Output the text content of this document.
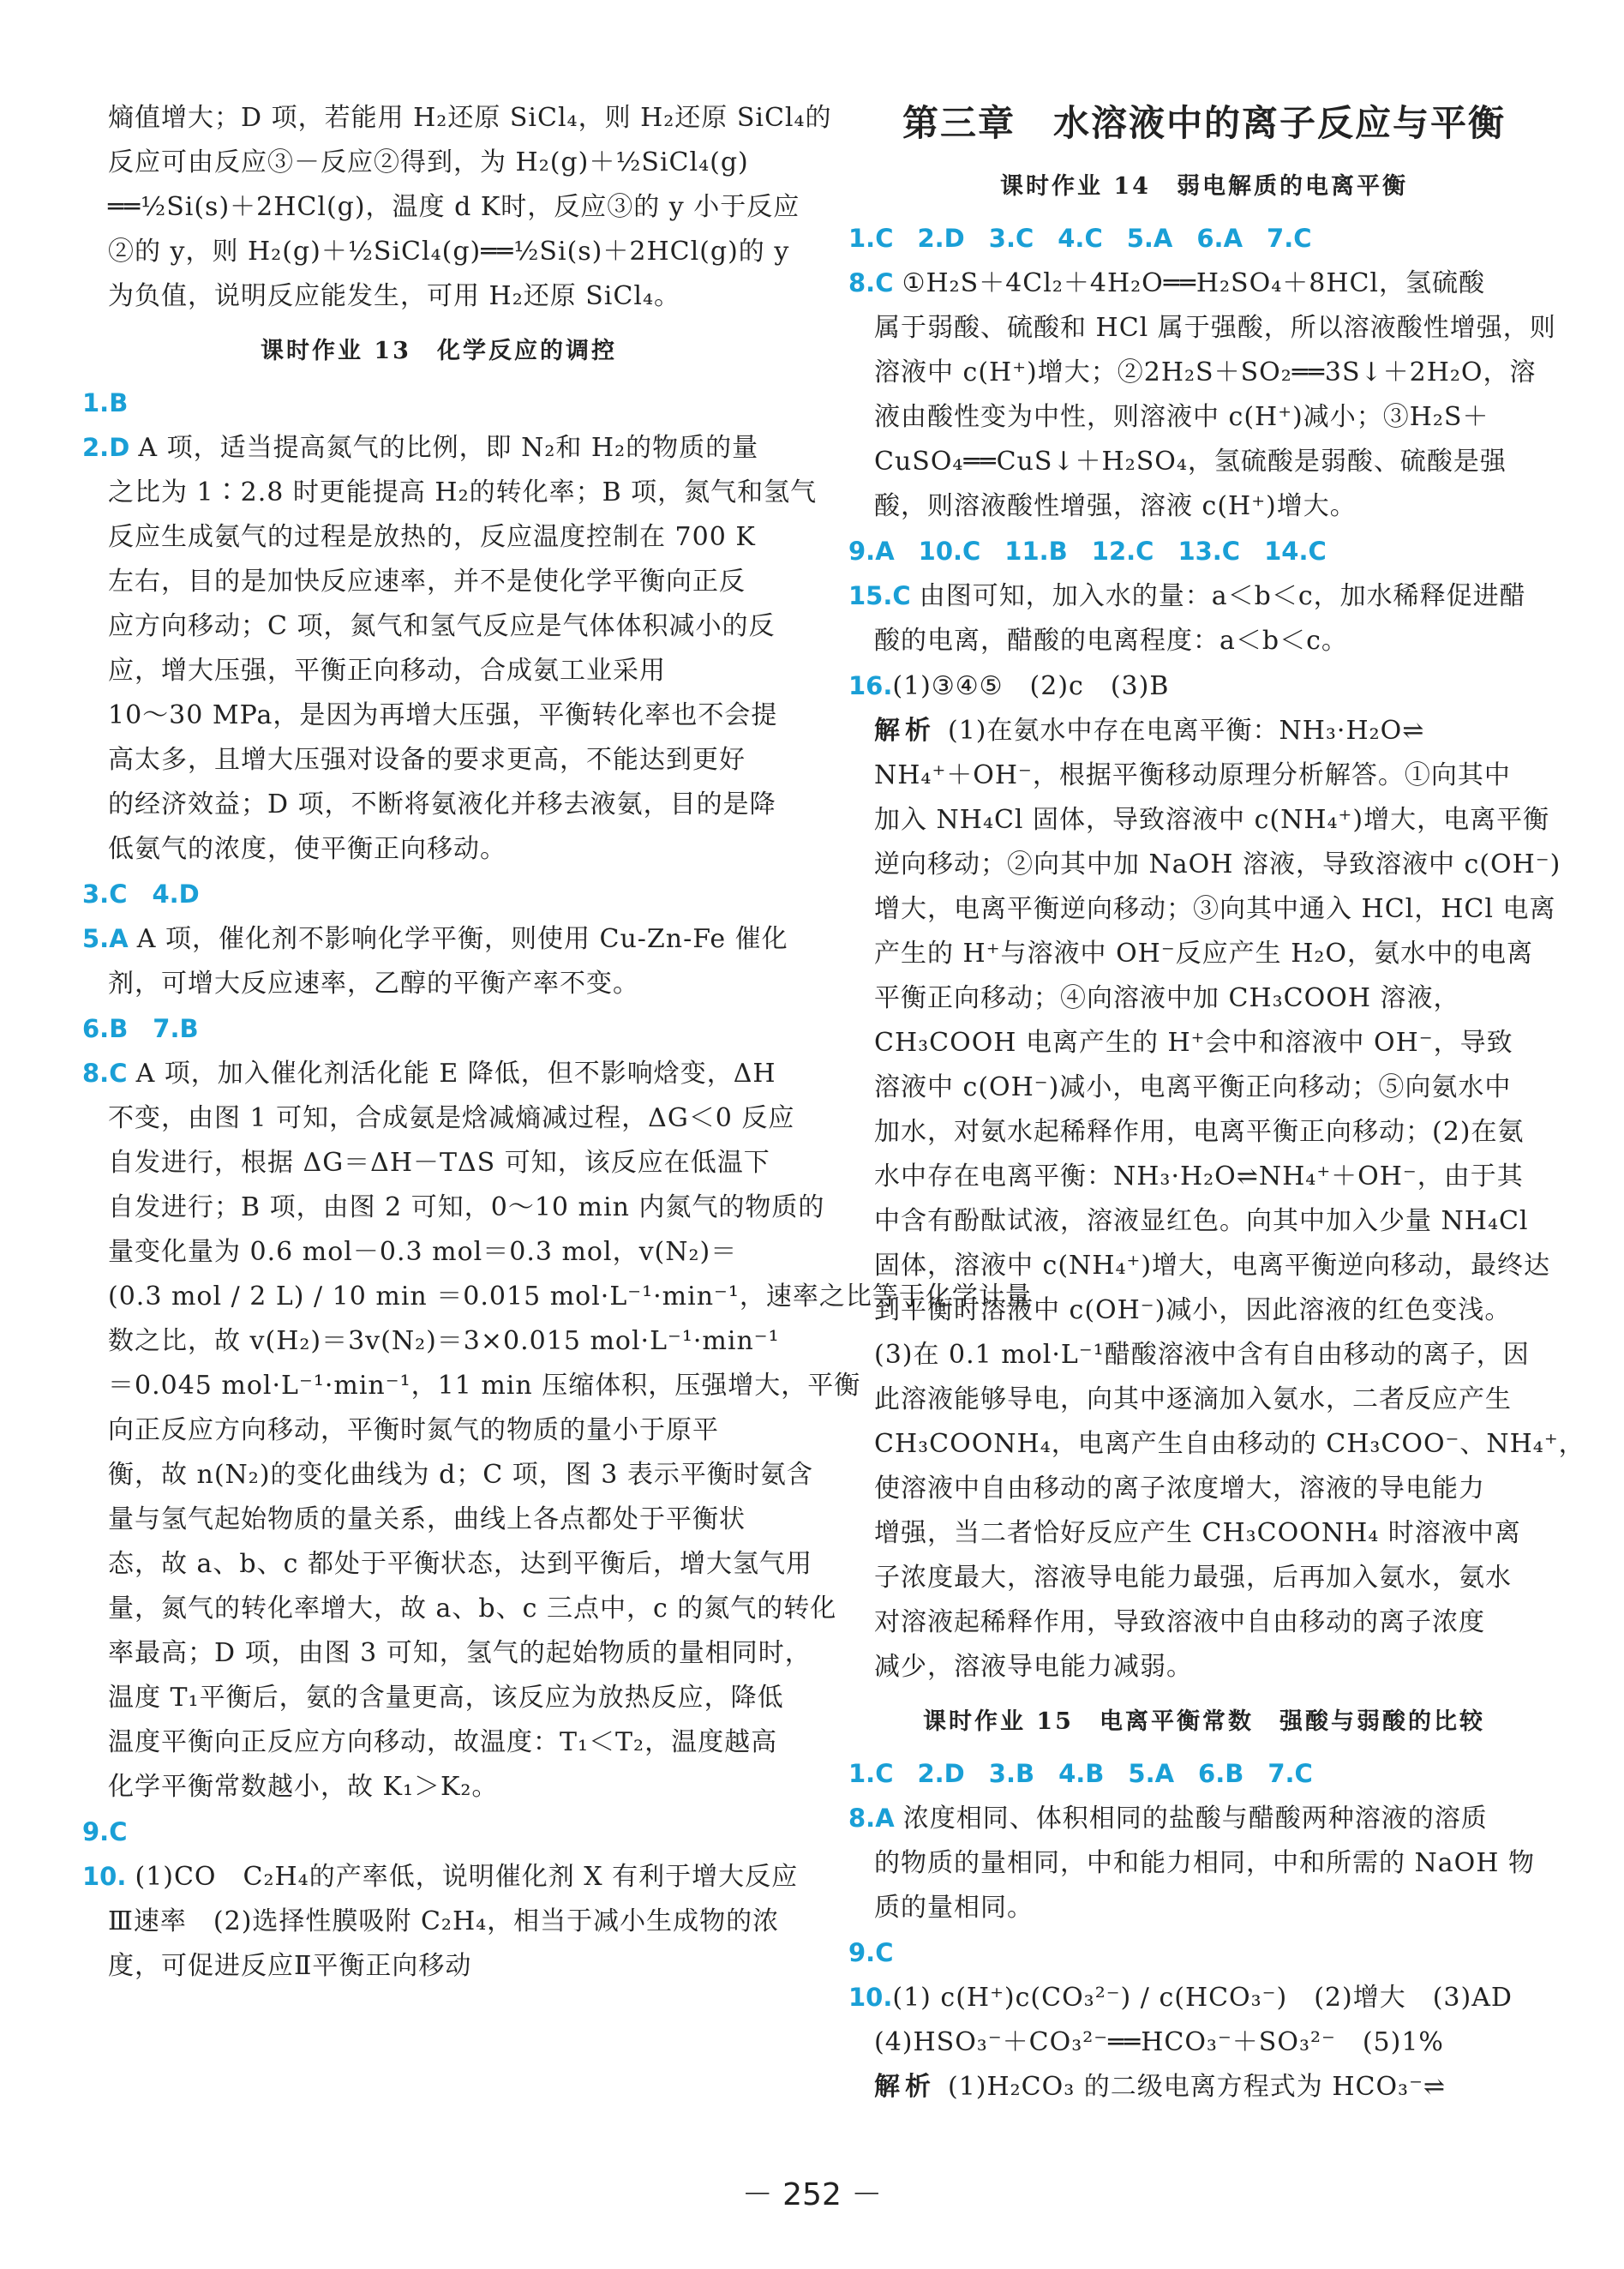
熵值增大；D 项，若能用 H₂还原 SiCl₄，则 H₂还原 SiCl₄的
反应可由反应③－反应②得到，为 H₂(g)＋½SiCl₄(g)
══½Si(s)＋2HCl(g)，温度 d K时，反应③的 y 小于反应
②的 y，则 H₂(g)＋½SiCl₄(g)══½Si(s)＋2HCl(g)的 y
为负值，说明反应能发生，可用 H₂还原 SiCl₄。
课时作业 13　化学反应的调控
1.B
2.D A 项，适当提高氮气的比例，即 N₂和 H₂的物质的量
之比为 1∶2.8 时更能提高 H₂的转化率；B 项，氮气和氢气
反应生成氨气的过程是放热的，反应温度控制在 700 K
左右，目的是加快反应速率，并不是使化学平衡向正反
应方向移动；C 项，氮气和氢气反应是气体体积减小的反
应，增大压强，平衡正向移动，合成氨工业采用
10～30 MPa，是因为再增大压强，平衡转化率也不会提
高太多，且增大压强对设备的要求更高，不能达到更好
的经济效益；D 项，不断将氨液化并移去液氨，目的是降
低氨气的浓度，使平衡正向移动。
3.C　4.D
5.A A 项，催化剂不影响化学平衡，则使用 Cu-Zn-Fe 催化
剂，可增大反应速率，乙醇的平衡产率不变。
6.B　7.B
8.C A 项，加入催化剂活化能 E 降低，但不影响焓变，ΔH
不变，由图 1 可知，合成氨是焓减熵减过程，ΔG＜0 反应
自发进行，根据 ΔG＝ΔH－TΔS 可知，该反应在低温下
自发进行；B 项，由图 2 可知，0～10 min 内氮气的物质的
量变化量为 0.6 mol－0.3 mol＝0.3 mol，v(N₂)＝
(0.3 mol / 2 L) / 10 min ＝0.015 mol·L⁻¹·min⁻¹，速率之比等于化学计量
数之比，故 v(H₂)＝3v(N₂)＝3×0.015 mol·L⁻¹·min⁻¹
＝0.045 mol·L⁻¹·min⁻¹，11 min 压缩体积，压强增大，平衡
向正反应方向移动，平衡时氮气的物质的量小于原平
衡，故 n(N₂)的变化曲线为 d；C 项，图 3 表示平衡时氨含
量与氢气起始物质的量关系，曲线上各点都处于平衡状
态，故 a、b、c 都处于平衡状态，达到平衡后，增大氢气用
量，氮气的转化率增大，故 a、b、c 三点中，c 的氮气的转化
率最高；D 项，由图 3 可知，氢气的起始物质的量相同时，
温度 T₁平衡后，氨的含量更高，该反应为放热反应，降低
温度平衡向正反应方向移动，故温度：T₁＜T₂，温度越高
化学平衡常数越小，故 K₁＞K₂。
9.C
10. (1)CO　C₂H₄的产率低，说明催化剂 X 有利于增大反应
Ⅲ速率　(2)选择性膜吸附 C₂H₄，相当于减小生成物的浓
度，可促进反应Ⅱ平衡正向移动
第三章　水溶液中的离子反应与平衡
课时作业 14　弱电解质的电离平衡
1.C 2.D 3.C 4.C 5.A 6.A 7.C
8.C ①H₂S＋4Cl₂＋4H₂O══H₂SO₄＋8HCl，氢硫酸
属于弱酸、硫酸和 HCl 属于强酸，所以溶液酸性增强，则
溶液中 c(H⁺)增大；②2H₂S＋SO₂══3S↓＋2H₂O，溶
液由酸性变为中性，则溶液中 c(H⁺)减小；③H₂S＋
CuSO₄══CuS↓＋H₂SO₄，氢硫酸是弱酸、硫酸是强
酸，则溶液酸性增强，溶液 c(H⁺)增大。
9.A 10.C 11.B 12.C 13.C 14.C
15.C 由图可知，加入水的量：a＜b＜c，加水稀释促进醋
酸的电离，醋酸的电离程度：a＜b＜c。
16.(1)③④⑤　(2)c　(3)B
解析 (1)在氨水中存在电离平衡：NH₃·H₂O⇌
NH₄⁺＋OH⁻，根据平衡移动原理分析解答。①向其中
加入 NH₄Cl 固体，导致溶液中 c(NH₄⁺)增大，电离平衡
逆向移动；②向其中加 NaOH 溶液，导致溶液中 c(OH⁻)
增大，电离平衡逆向移动；③向其中通入 HCl，HCl 电离
产生的 H⁺与溶液中 OH⁻反应产生 H₂O，氨水中的电离
平衡正向移动；④向溶液中加 CH₃COOH 溶液，
CH₃COOH 电离产生的 H⁺会中和溶液中 OH⁻，导致
溶液中 c(OH⁻)减小，电离平衡正向移动；⑤向氨水中
加水，对氨水起稀释作用，电离平衡正向移动；(2)在氨
水中存在电离平衡：NH₃·H₂O⇌NH₄⁺＋OH⁻，由于其
中含有酚酞试液，溶液显红色。向其中加入少量 NH₄Cl
固体，溶液中 c(NH₄⁺)增大，电离平衡逆向移动，最终达
到平衡时溶液中 c(OH⁻)减小，因此溶液的红色变浅。
(3)在 0.1 mol·L⁻¹醋酸溶液中含有自由移动的离子，因
此溶液能够导电，向其中逐滴加入氨水，二者反应产生
CH₃COONH₄，电离产生自由移动的 CH₃COO⁻、NH₄⁺，
使溶液中自由移动的离子浓度增大，溶液的导电能力
增强，当二者恰好反应产生 CH₃COONH₄ 时溶液中离
子浓度最大，溶液导电能力最强，后再加入氨水，氨水
对溶液起稀释作用，导致溶液中自由移动的离子浓度
减少，溶液导电能力减弱。
课时作业 15　电离平衡常数　强酸与弱酸的比较
1.C 2.D 3.B 4.B 5.A 6.B 7.C
8.A 浓度相同、体积相同的盐酸与醋酸两种溶液的溶质
的物质的量相同，中和能力相同，中和所需的 NaOH 物
质的量相同。
9.C
10.(1) c(H⁺)c(CO₃²⁻) / c(HCO₃⁻)　(2)增大　(3)AD
(4)HSO₃⁻＋CO₃²⁻══HCO₃⁻＋SO₃²⁻　(5)1%
解析 (1)H₂CO₃ 的二级电离方程式为 HCO₃⁻⇌
－ 252 －
